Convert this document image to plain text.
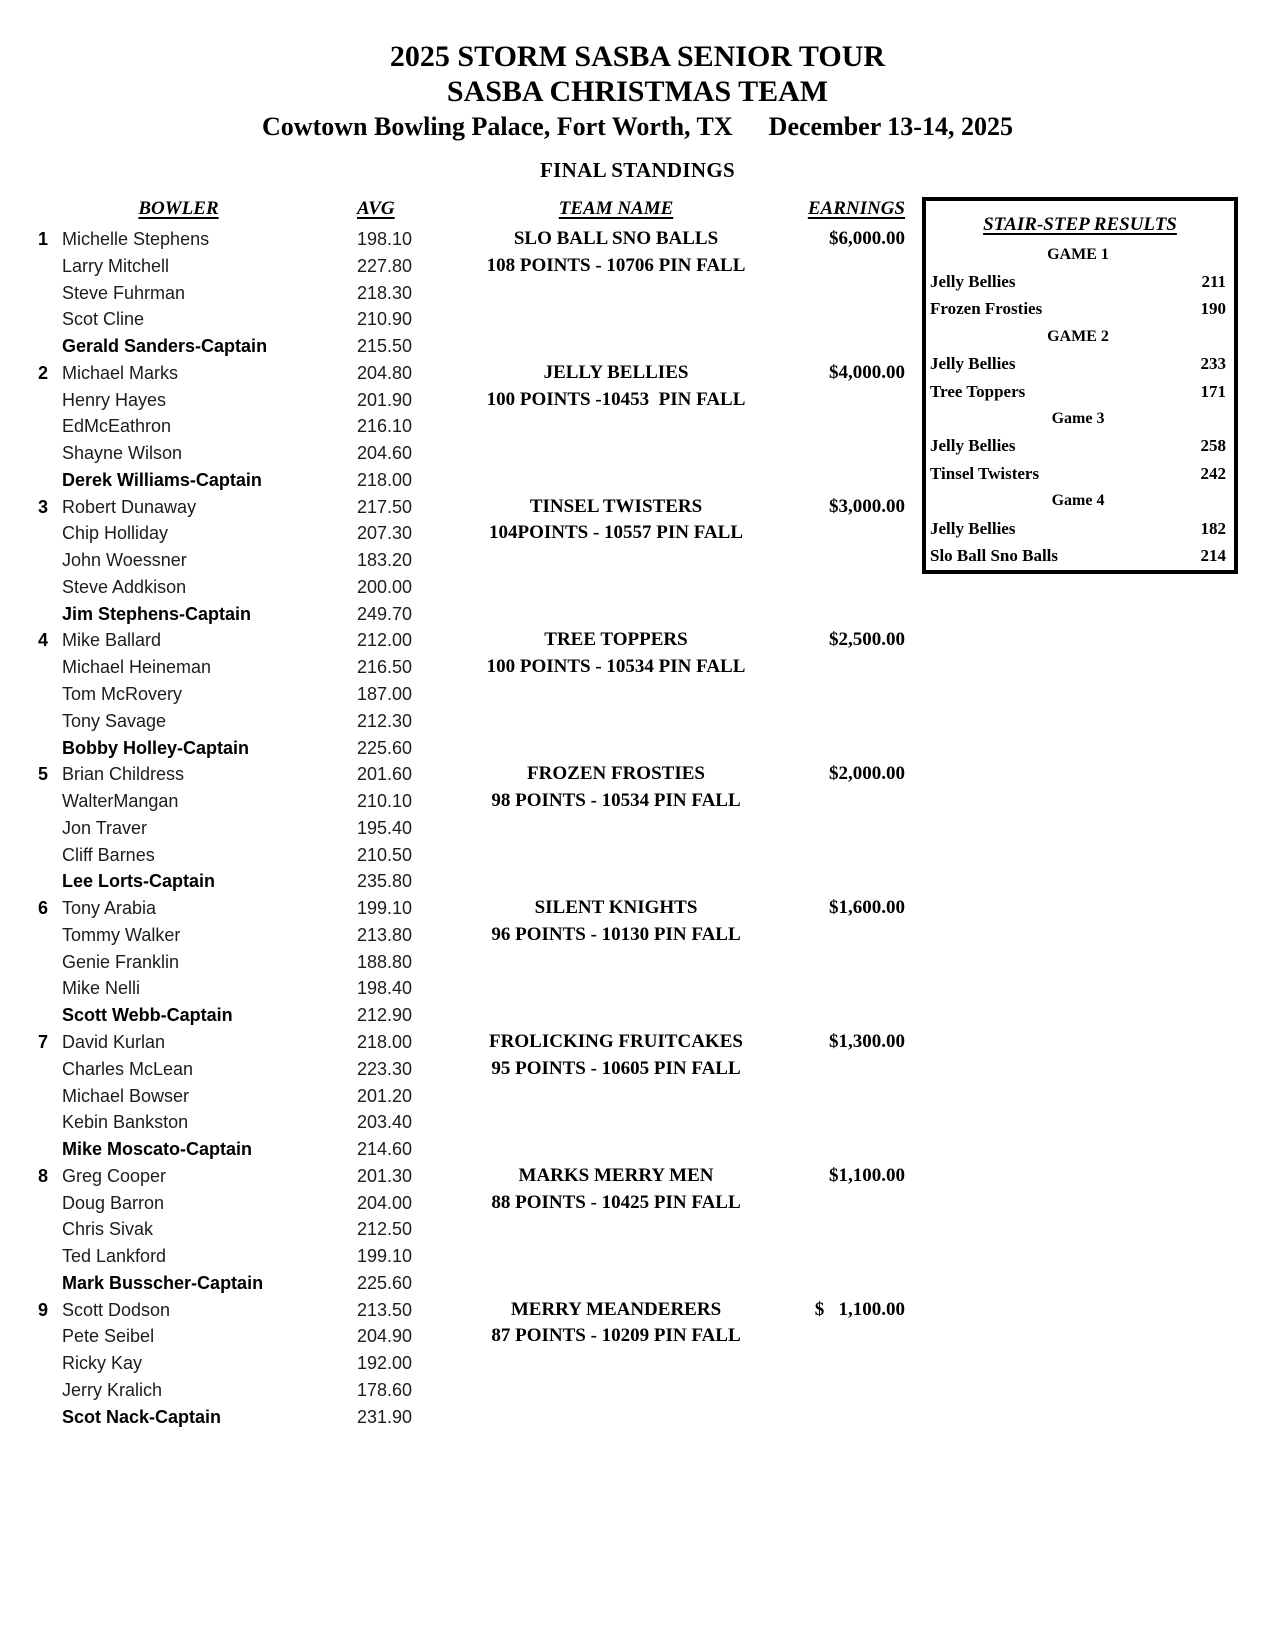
2025 STORM SASBA SENIOR TOUR
SASBA CHRISTMAS TEAM
Cowtown Bowling Palace, Fort Worth, TX December 13-14, 2025
FINAL STANDINGS
BOWLER	AVG	TEAM NAME	EARNINGS
1 Michelle Stephens	198.10	SLO BALL SNO BALLS	$6,000.00
Larry Mitchell	227.80	108 POINTS - 10706 PIN FALL
Steve Fuhrman	218.30
Scot Cline	210.90
Gerald Sanders-Captain	215.50
2 Michael Marks	204.80	JELLY BELLIES	$4,000.00
Henry Hayes	201.90	100 POINTS -10453  PIN FALL
EdMcEathron	216.10
Shayne Wilson	204.60
Derek Williams-Captain	218.00
3 Robert Dunaway	217.50	TINSEL TWISTERS	$3,000.00
Chip Holliday	207.30	104POINTS - 10557 PIN FALL
John Woessner	183.20
Steve Addkison	200.00
Jim Stephens-Captain	249.70
4 Mike Ballard	212.00	TREE TOPPERS	$2,500.00
Michael Heineman	216.50	100 POINTS - 10534 PIN FALL
Tom McRovery	187.00
Tony Savage	212.30
Bobby Holley-Captain	225.60
5 Brian Childress	201.60	FROZEN FROSTIES	$2,000.00
WalterMangan	210.10	98 POINTS - 10534 PIN FALL
Jon Traver	195.40
Cliff Barnes	210.50
Lee Lorts-Captain	235.80
6 Tony Arabia	199.10	SILENT KNIGHTS	$1,600.00
Tommy Walker	213.80	96 POINTS - 10130 PIN FALL
Genie Franklin	188.80
Mike Nelli	198.40
Scott Webb-Captain	212.90
7 David Kurlan	218.00	FROLICKING FRUITCAKES	$1,300.00
Charles McLean	223.30	95 POINTS - 10605 PIN FALL
Michael Bowser	201.20
Kebin Bankston	203.40
Mike Moscato-Captain	214.60
8 Greg Cooper	201.30	MARKS MERRY MEN	$1,100.00
Doug Barron	204.00	88 POINTS - 10425 PIN FALL
Chris Sivak	212.50
Ted Lankford	199.10
Mark Busscher-Captain	225.60
9 Scott Dodson	213.50	MERRY MEANDERERS	$   1,100.00
Pete Seibel	204.90	87 POINTS - 10209 PIN FALL
Ricky Kay	192.00
Jerry Kralich	178.60
Scot Nack-Captain	231.90
STAIR-STEP RESULTS
GAME 1
Jelly Bellies	211
Frozen Frosties	190
GAME 2
Jelly Bellies	233
Tree Toppers	171
Game 3
Jelly Bellies	258
Tinsel Twisters	242
Game 4
Jelly Bellies	182
Slo Ball Sno Balls	214
